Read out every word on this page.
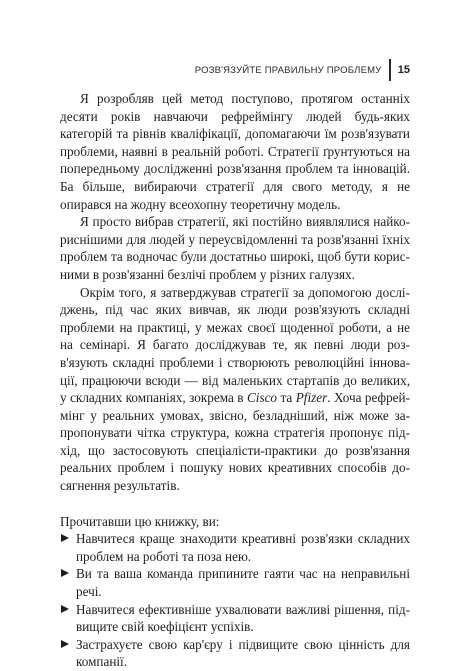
РОЗВ'ЯЗУЙТЕ ПРАВИЛЬНУ ПРОБЛЕМУ 15

Я розробляв цей метод поступово, протягом останніх десяти років навчаючи рефреймінгу людей будь-яких категорій та рівнів кваліфікації, допомагаючи їм розв'язувати проблеми, наявні в реальній роботі. Стратегії ґрунтуються на попередньому дослідженні розв'язання проблем та інновацій. Ба більше, вибираючи стратегії для свого методу, я не опирався на жодну всеохопну теоретичну модель.

Я просто вибрав стратегії, які постійно виявлялися найкориснішими для людей у переусвідомленні та розв'язанні їхніх проблем та водночас були достатньо широкі, щоб бути корисними в розв'язанні безлічі проблем у різних галузях.

Окрім того, я затверджував стратегії за допомогою досліджень, під час яких вивчав, як люди розв'язують складні проблеми на практиці, у межах своєї щоденної роботи, а не на семінарі. Я багато досліджував те, як певні люди розв'язують складні проблеми і створюють революційні інновації, працюючи всюди — від маленьких стартапів до великих, у складних компаніях, зокрема в Cisco та Pfizer. Хоча рефреймінг у реальних умовах, звісно, безладніший, ніж може запропонувати чітка структура, кожна стратегія пропонує підхід, що застосовують спеціалісти-практики до розв'язання реальних проблем і пошуку нових креативних способів досягнення результатів.

Прочитавши цю книжку, ви:

Навчитеся краще знаходити креативні розв'язки складних проблем на роботі та поза нею.
Ви та ваша команда припините гаяти час на неправильні речі.
Навчитеся ефективніше ухвалювати важливі рішення, підвищите свій коефіцієнт успіхів.
Застрахуєте свою кар'єру і підвищите свою цінність для компанії.
